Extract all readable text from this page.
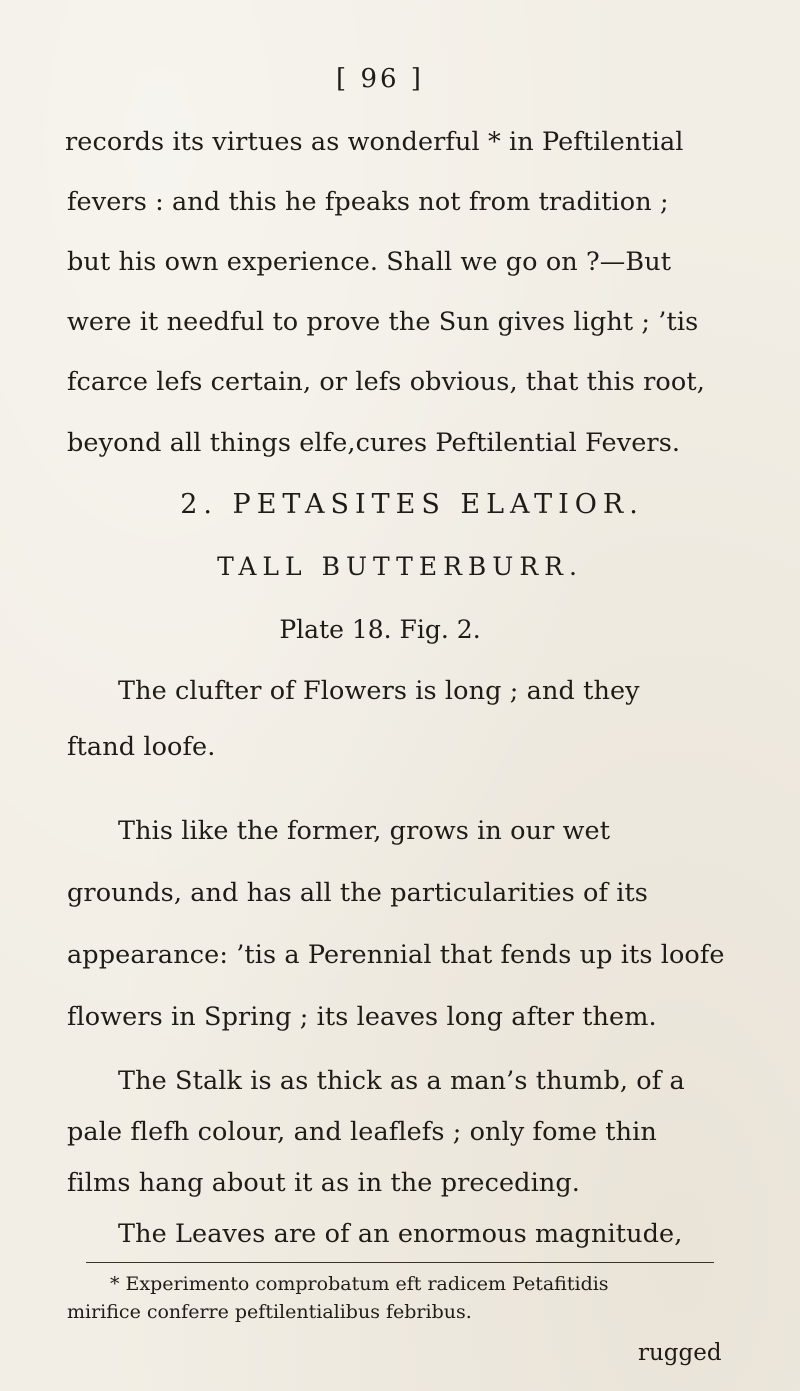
[ 96 ]
records its virtues as wonderful * in Peftilential
fevers : and this he fpeaks not from tradition ;
but his own experience. Shall we go on ?—But
were it needful to prove the Sun gives light ; ’tis
fcarce lefs certain, or lefs obvious, that this root,
beyond all things elfe,cures Peftilential Fevers.
2. PETASITES ELATIOR.
TALL BUTTERBURR.
Plate 18. Fig. 2.
The clufter of Flowers is long ; and they
ftand loofe.
This like the former, grows in our wet
grounds, and has all the particularities of its
appearance: ’tis a Perennial that fends up its loofe
flowers in Spring ; its leaves long after them.
The Stalk is as thick as a man’s thumb, of a
pale flefh colour, and leaflefs ; only fome thin
films hang about it as in the preceding.
The Leaves are of an enormous magnitude,
* Experimento comprobatum eft radicem Petafitidis
mirifice conferre peftilentialibus febribus.
rugged
